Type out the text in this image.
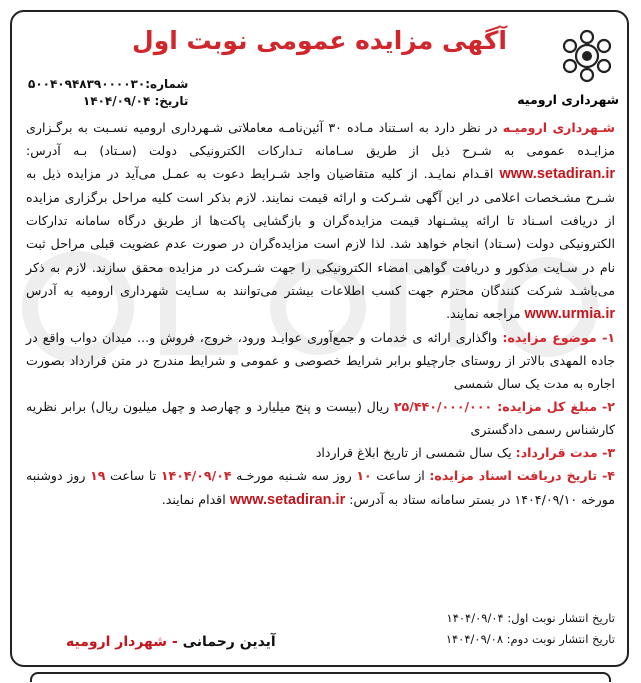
شهرداری ارومیه
آگهی مزایده عمومی نوبت اول
شماره:۵۰۰۴۰۹۴۸۳۹۰۰۰۰۳۰
تاریخ: ۱۴۰۴/۰۹/۰۴

شـهرداری ارومیـه در نظر دارد به اسـتناد مـاده ۳۰ آئین‌نامـه معاملاتی شـهرداری ارومیه نسـبت به برگـزاری مزایـده عمومی به شـرح ذیل از طریق سـامانه تـدارکات الکترونیکی دولت (سـتاد) بـه آدرس: www.setadiran.ir اقـدام نمایـد. از کلیه متقاضیان واجد شـرایط دعوت به عمـل می‌آید در مزایده ذیل به شـرح مشـخصات اعلامی در این آگهی شـرکت و ارائه قیمت نمایند. لازم بذکر است کلیه مراحل برگزاری مزایده از دریافت اسـناد تا ارائه پیشـنهاد قیمت مزایده‌گران و بازگشایی پاکت‌ها از طریق درگاه سامانه تدارکات الکترونیکی دولت (سـتاد) انجام خواهد شد. لذا لازم است مزایده‌گران در صورت عدم عضویت قبلی مراحل ثبت نام در سـایت مذکور و دریافت گواهی امضاء الکترونیکی را جهت شـرکت در مزایده محقق سازند. لازم به ذکر می‌باشـد شرکت کنندگان محترم جهت کسب اطلاعات بیشتر می‌توانند به سـایت شهرداری ارومیه به آدرس www.urmia.ir مراجعه نمایند.

۱- موضوع مزایده: واگذاری ارائه ی خدمات و جمع‌آوری عوایـد ورود، خروج، فروش و... میدان دواب واقع در جاده المهدی بالاتر از روستای جارچیلو برابر شرایط خصوصی و عمومی و شرایط مندرج در متن قرارداد بصورت اجاره به مدت یک سال شمسی

۲- مبلغ کل مزایده: ۲۵/۴۴۰/۰۰۰/۰۰۰ ریال (بیست و پنج میلیارد و چهارصد و چهل میلیون ریال) برابر نظریه کارشناس رسمی دادگستری

۳- مدت قرارداد: یک سال شمسی از تاریخ ابلاغ قرارداد

۴- تاریخ دریافت اسناد مزایده: از ساعت ۱۰ روز سه شـنبه مورخـه ۱۴۰۴/۰۹/۰۴ تا ساعت ۱۹ روز دوشنبه مورخه ۱۴۰۴/۰۹/۱۰ در بستر سامانه ستاد به آدرس: www.setadiran.ir اقدام نمایند.

تاریخ انتشار نوبت اول: ۱۴۰۴/۰۹/۰۴
تاریخ انتشار نوبت دوم: ۱۴۰۴/۰۹/۰۸
آیدین رحمانی - شهردار ارومیه
